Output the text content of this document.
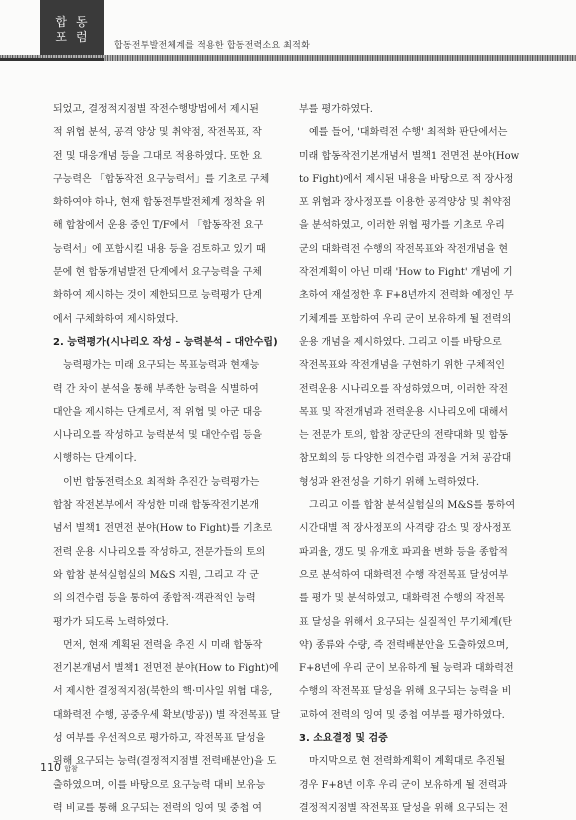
합동
포럼
합동전투발전체계를 적용한 합동전력소요 최적화

되었고, 결정적지점별 작전수행방법에서 제시된
적 위협 분석, 공격 양상 및 취약점, 작전목표, 작
전 및 대응개념 등을 그대로 적용하였다. 또한 요
구능력은 「합동작전 요구능력서」를 기초로 구체
화하여야 하나, 현재 합동전투발전체계 정착을 위
해 합참에서 운용 중인 T/F에서 「합동작전 요구
능력서」에 포함시킬 내용 등을 검토하고 있기 때
문에 현 합동개념발전 단계에서 요구능력을 구체
화하여 제시하는 것이 제한되므로 능력평가 단계
에서 구체화하여 제시하였다.

2. 능력평가(시나리오 작성 – 능력분석 – 대안수립)

능력평가는 미래 요구되는 목표능력과 현재능
력 간 차이 분석을 통해 부족한 능력을 식별하여
대안을 제시하는 단계로서, 적 위협 및 아군 대응
시나리오를 작성하고 능력분석 및 대안수립 등을
시행하는 단계이다.

이번 합동전력소요 최적화 추진간 능력평가는
합참 작전본부에서 작성한 미래 합동작전기본개
념서 별책1 전면전 분야(How to Fight)를 기초로
전력 운용 시나리오를 작성하고, 전문가들의 토의
와 합참 분석실험실의 M&S 지원, 그리고 각 군
의 의견수렴 등을 통하여 종합적·객관적인 능력
평가가 되도록 노력하였다.

먼저, 현재 계획된 전력을 추진 시 미래 합동작
전기본개념서 별책1 전면전 분야(How to Fight)에
서 제시한 결정적지점(북한의 핵·미사일 위협 대응,
대화력전 수행, 공중우세 확보(방공)) 별 작전목표 달
성 여부를 우선적으로 평가하고, 작전목표 달성을
위해 요구되는 능력(결정적지점별 전력배분안)을 도
출하였으며, 이를 바탕으로 요구능력 대비 보유능
력 비교를 통해 요구되는 전력의 잉여 및 중첩 여

부를 평가하였다.

예를 들어, '대화력전 수행' 최적화 판단에서는
미래 합동작전기본개념서 별책1 전면전 분야(How
to Fight)에서 제시된 내용을 바탕으로 적 장사정
포 위협과 장사정포를 이용한 공격양상 및 취약점
을 분석하였고, 이러한 위협 평가를 기초로 우리
군의 대화력전 수행의 작전목표와 작전개념을 현
작전계획이 아닌 미래 'How to Fight' 개념에 기
초하여 재설정한 후 F+8년까지 전력화 예정인 무
기체계를 포함하여 우리 군이 보유하게 될 전력의
운용 개념을 제시하였다. 그리고 이를 바탕으로
작전목표와 작전개념을 구현하기 위한 구체적인
전력운용 시나리오를 작성하였으며, 이러한 작전
목표 및 작전개념과 전력운용 시나리오에 대해서
는 전문가 토의, 합참 장군단의 전략대화 및 합동
참모회의 등 다양한 의견수렴 과정을 거쳐 공감대
형성과 완전성을 기하기 위해 노력하였다.

그리고 이를 합참 분석실험실의 M&S를 통하여
시간대별 적 장사정포의 사격량 감소 및 장사정포
파괴율, 갱도 및 유개호 파괴율 변화 등을 종합적
으로 분석하여 대화력전 수행 작전목표 달성여부
를 평가 및 분석하였고, 대화력전 수행의 작전목
표 달성을 위해서 요구되는 실질적인 무기체계(탄
약) 종류와 수량, 즉 전력배분안을 도출하였으며,
F+8년에 우리 군이 보유하게 될 능력과 대화력전
수행의 작전목표 달성을 위해 요구되는 능력을 비
교하여 전력의 잉여 및 중첩 여부를 평가하였다.

3. 소요결정 및 검증

마지막으로 현 전력화계획이 계획대로 추진될
경우 F+8년 이후 우리 군이 보유하게 될 전력과
결정적지점별 작전목표 달성을 위해 요구되는 전

110 합참
